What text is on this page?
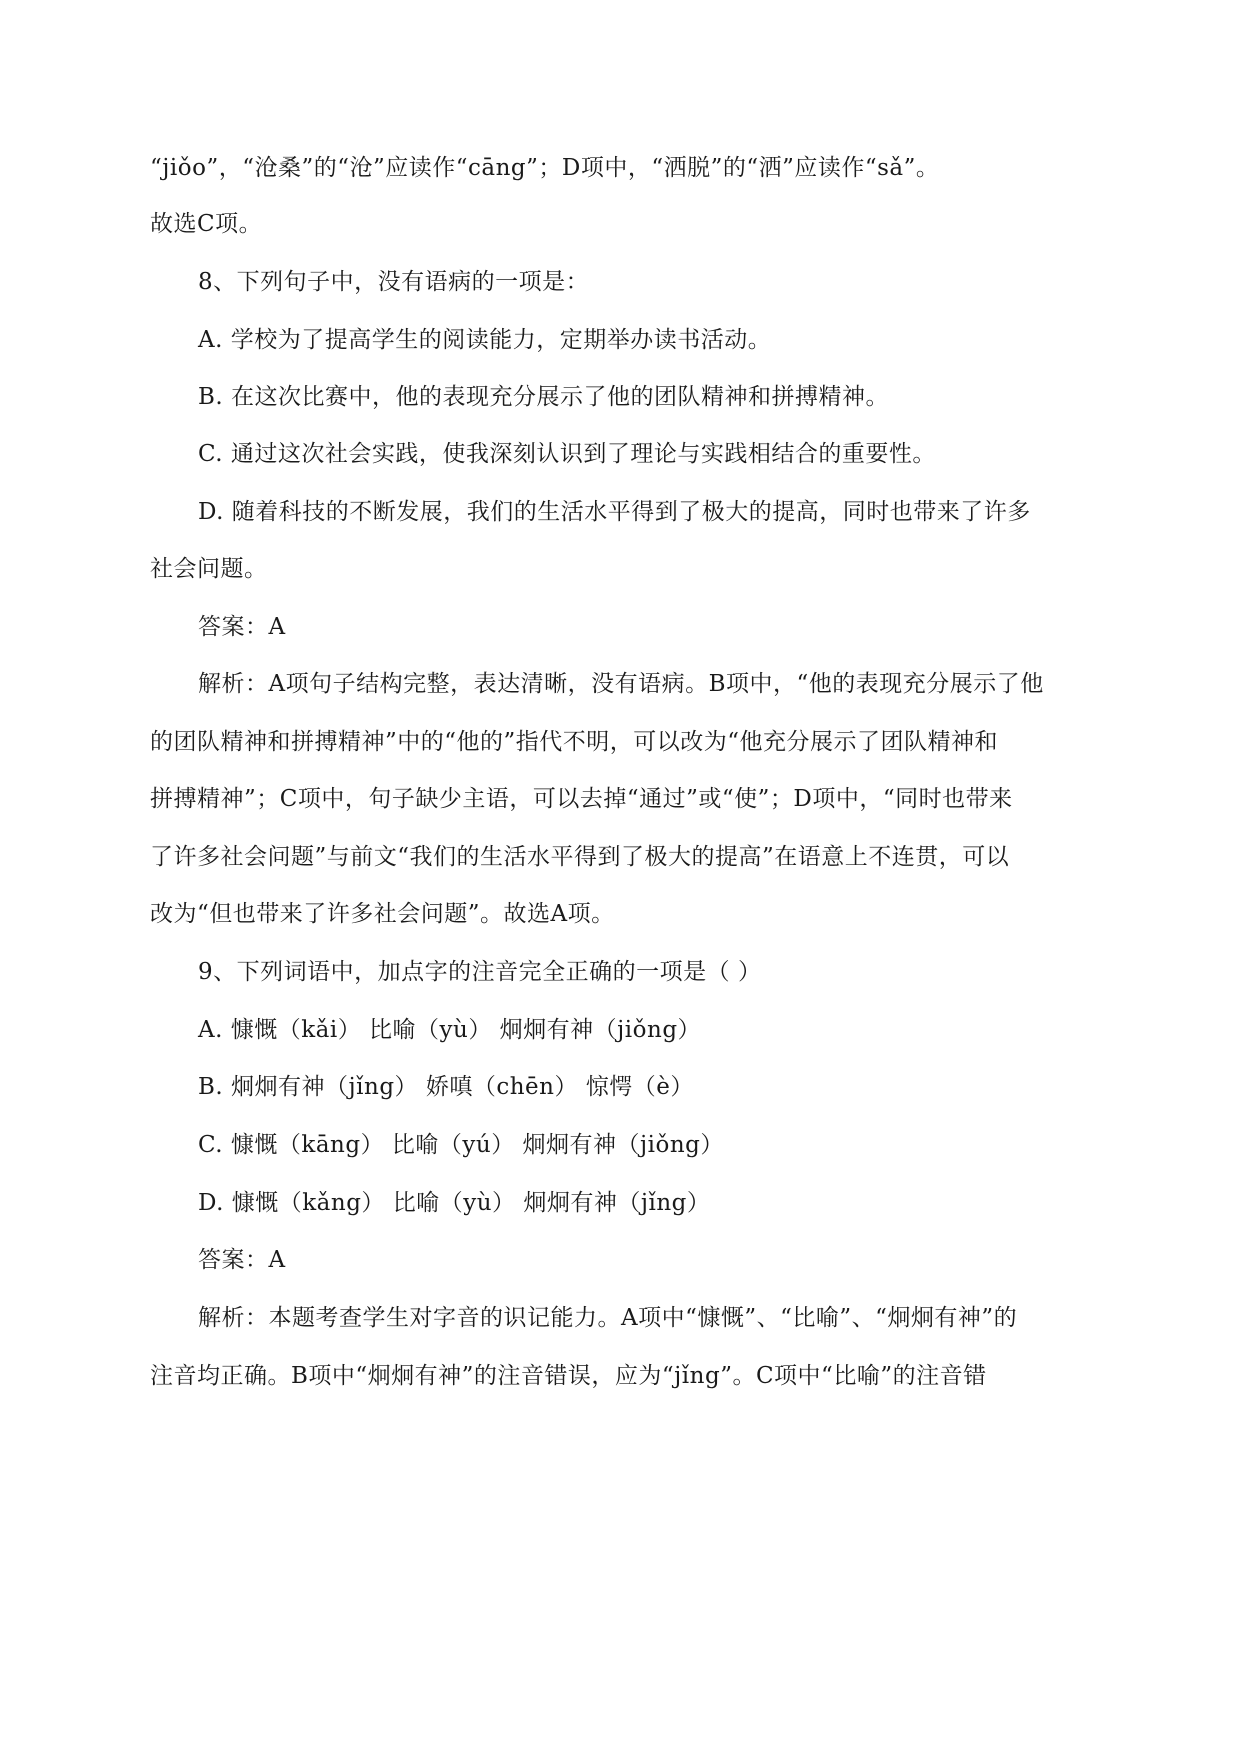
“jiǒo”，“沧桑”的“沧”应读作“cāng”；D项中，“洒脱”的“洒”应读作“sǎ”。
故选C项。
8、下列句子中，没有语病的一项是：
A. 学校为了提高学生的阅读能力，定期举办读书活动。
B. 在这次比赛中，他的表现充分展示了他的团队精神和拼搏精神。
C. 通过这次社会实践，使我深刻认识到了理论与实践相结合的重要性。
D. 随着科技的不断发展，我们的生活水平得到了极大的提高，同时也带来了许多
社会问题。
答案：A
解析：A项句子结构完整，表达清晰，没有语病。B项中，“他的表现充分展示了他
的团队精神和拼搏精神”中的“他的”指代不明，可以改为“他充分展示了团队精神和
拼搏精神”；C项中，句子缺少主语，可以去掉“通过”或“使”；D项中，“同时也带来
了许多社会问题”与前文“我们的生活水平得到了极大的提高”在语意上不连贯，可以
改为“但也带来了许多社会问题”。故选A项。
9、下列词语中，加点字的注音完全正确的一项是（ ）
A. 慷慨（kǎi） 比喻（yù） 炯炯有神（jiǒng）
B. 炯炯有神（jǐng） 娇嗔（chēn） 惊愕（è）
C. 慷慨（kāng） 比喻（yú） 炯炯有神（jiǒng）
D. 慷慨（kǎng） 比喻（yù） 炯炯有神（jǐng）
答案：A
解析：本题考查学生对字音的识记能力。A项中“慷慨”、“比喻”、“炯炯有神”的
注音均正确。B项中“炯炯有神”的注音错误，应为“jǐng”。C项中“比喻”的注音错
